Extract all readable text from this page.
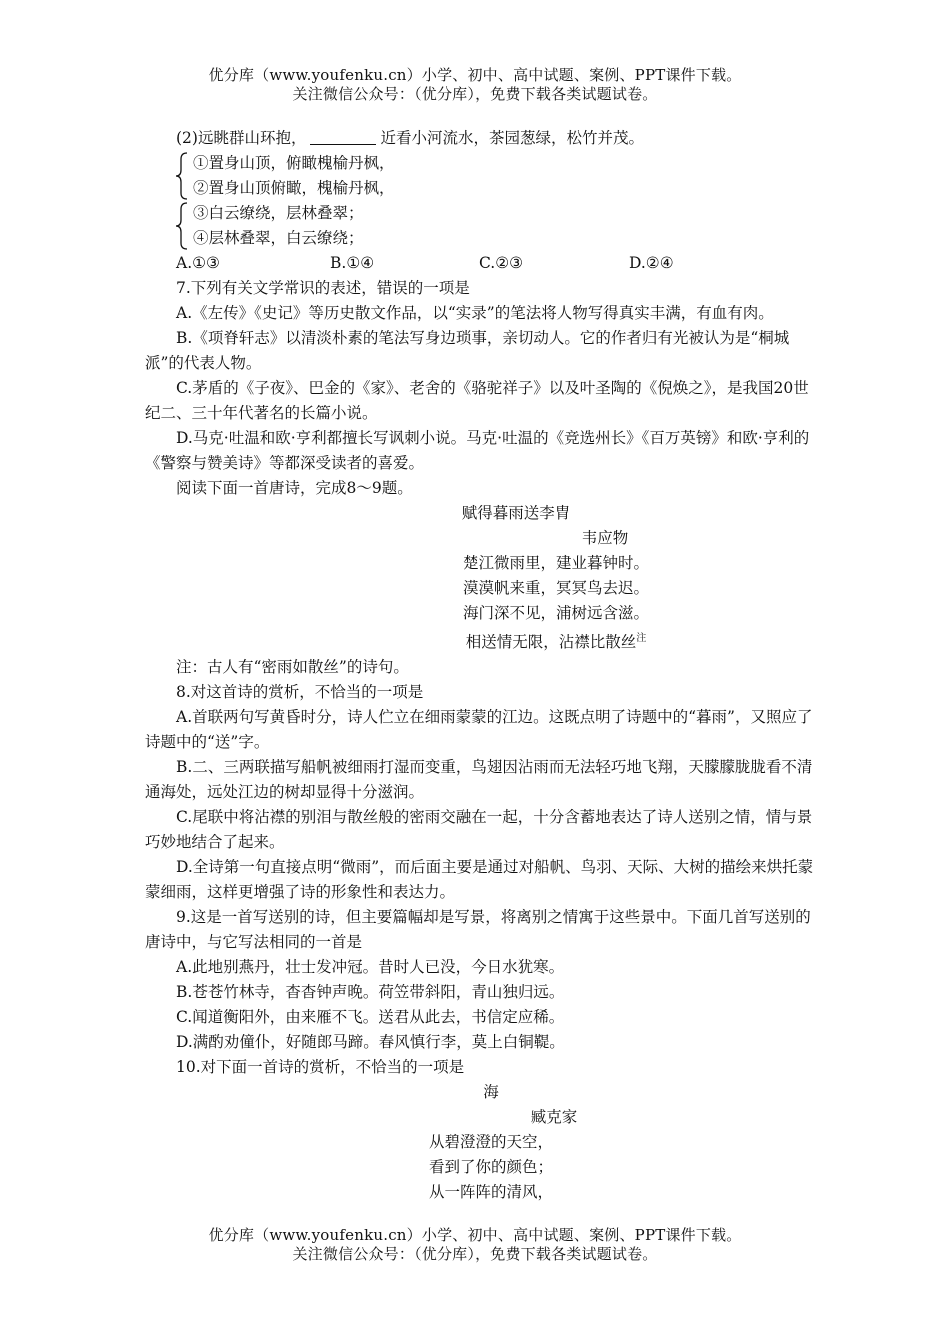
优分库（www.youfenku.cn）小学、初中、高中试题、案例、PPT课件下载。
关注微信公众号：（优分库），免费下载各类试题试卷。

(2)远眺群山环抱，	近看小河流水，茶园葱绿，松竹并茂。

①置身山顶，俯瞰槐榆丹枫，

②置身山顶俯瞰，槐榆丹枫，

③白云缭绕，层林叠翠；

④层林叠翠，白云缭绕；

A.①③	B.①④	C.②③	D.②④

7.下列有关文学常识的表述，错误的一项是

A.《左传》《史记》等历史散文作品，以“实录”的笔法将人物写得真实丰满，有血有肉。

B.《项脊轩志》以清淡朴素的笔法写身边琐事，亲切动人。它的作者归有光被认为是“桐城派”的代表人物。

C.茅盾的《子夜》、巴金的《家》、老舍的《骆驼祥子》以及叶圣陶的《倪焕之》，是我国20世纪二、三十年代著名的长篇小说。

D.马克·吐温和欧·亨利都擅长写讽刺小说。马克·吐温的《竞选州长》《百万英镑》和欧·亨利的《警察与赞美诗》等都深受读者的喜爱。

阅读下面一首唐诗，完成8～9题。

赋得暮雨送李胄
韦应物
楚江微雨里，建业暮钟时。
漠漠帆来重，冥冥鸟去迟。
海门深不见，浦树远含滋。
相送情无限，沾襟比散丝$^注$

注：古人有“密雨如散丝”的诗句。

8.对这首诗的赏析，不恰当的一项是

A.首联两句写黄昏时分，诗人伫立在细雨蒙蒙的江边。这既点明了诗题中的“暮雨”，又照应了诗题中的“送”字。

B.二、三两联描写船帆被细雨打湿而变重，鸟翅因沾雨而无法轻巧地飞翔，天朦朦胧胧看不清通海处，远处江边的树却显得十分滋润。

C.尾联中将沾襟的别泪与散丝般的密雨交融在一起，十分含蓄地表达了诗人送别之情，情与景巧妙地结合了起来。

D.全诗第一句直接点明“微雨”，而后面主要是通过对船帆、鸟羽、天际、大树的描绘来烘托蒙蒙细雨，这样更增强了诗的形象性和表达力。

9.这是一首写送别的诗，但主要篇幅却是写景，将离别之情寓于这些景中。下面几首写送别的唐诗中，与它写法相同的一首是

A.此地别燕丹，壮士发冲冠。昔时人已没，今日水犹寒。

B.苍苍竹林寺，杳杳钟声晚。荷笠带斜阳，青山独归远。

C.闻道衡阳外，由来雁不飞。送君从此去，书信定应稀。

D.满酌劝僮仆，好随郎马蹄。春风慎行李，莫上白铜鞮。

10.对下面一首诗的赏析，不恰当的一项是

海
臧克家
从碧澄澄的天空，
看到了你的颜色；
从一阵阵的清风，
优分库（www.youfenku.cn）小学、初中、高中试题、案例、PPT课件下载。
关注微信公众号：（优分库），免费下载各类试题试卷。
